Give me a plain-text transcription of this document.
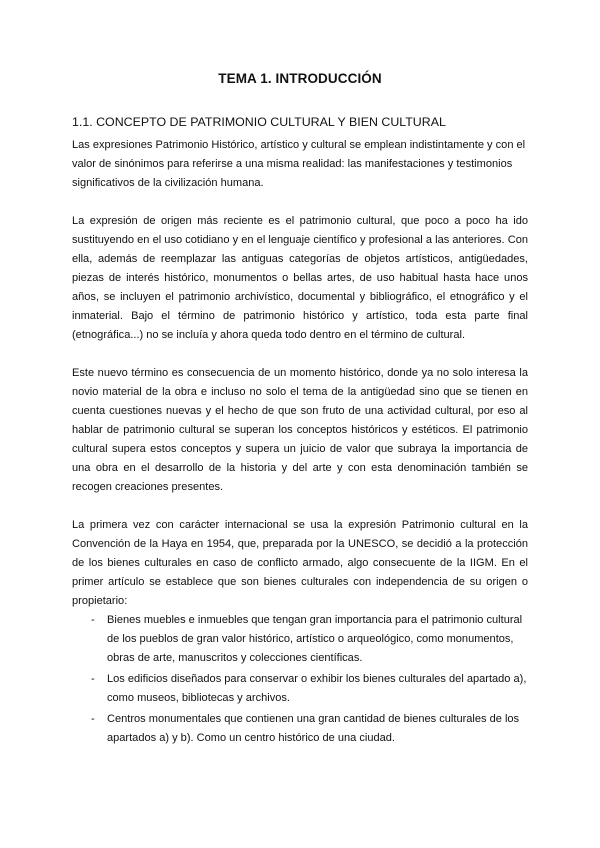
TEMA 1. INTRODUCCIÓN
1.1. CONCEPTO DE PATRIMONIO CULTURAL Y BIEN CULTURAL

Las expresiones Patrimonio Histórico, artístico y cultural se emplean indistintamente y con el valor de sinónimos para referirse a una misma realidad: las manifestaciones y testimonios significativos de la civilización humana.

La expresión de origen más reciente es el patrimonio cultural, que poco a poco ha ido sustituyendo en el uso cotidiano y en el lenguaje científico y profesional a las anteriores. Con ella, además de reemplazar las antiguas categorías de objetos artísticos, antigüedades, piezas de interés histórico, monumentos o bellas artes, de uso habitual hasta hace unos años, se incluyen el patrimonio archivístico, documental y bibliográfico, el etnográfico y el inmaterial. Bajo el término de patrimonio histórico y artístico, toda esta parte final (etnográfica...) no se incluía y ahora queda todo dentro en el término de cultural.

Este nuevo término es consecuencia de un momento histórico, donde ya no solo interesa la novio material de la obra e incluso no solo el tema de la antigüedad sino que se tienen en cuenta cuestiones nuevas y el hecho de que son fruto de una actividad cultural, por eso al hablar de patrimonio cultural se superan los conceptos históricos y estéticos. El patrimonio cultural supera estos conceptos y supera un juicio de valor que subraya la importancia de una obra en el desarrollo de la historia y del arte y con esta denominación también se recogen creaciones presentes.

La primera vez con carácter internacional se usa la expresión Patrimonio cultural en la Convención de la Haya en 1954, que, preparada por la UNESCO, se decidió a la protección de los bienes culturales en caso de conflicto armado, algo consecuente de la IIGM. En el primer artículo se establece que son bienes culturales con independencia de su origen o propietario:

- Bienes muebles e inmuebles que tengan gran importancia para el patrimonio cultural de los pueblos de gran valor histórico, artístico o arqueológico, como monumentos, obras de arte, manuscritos y colecciones científicas.
- Los edificios diseñados para conservar o exhibir los bienes culturales del apartado a), como museos, bibliotecas y archivos.
- Centros monumentales que contienen una gran cantidad de bienes culturales de los apartados a) y b). Como un centro histórico de una ciudad.
